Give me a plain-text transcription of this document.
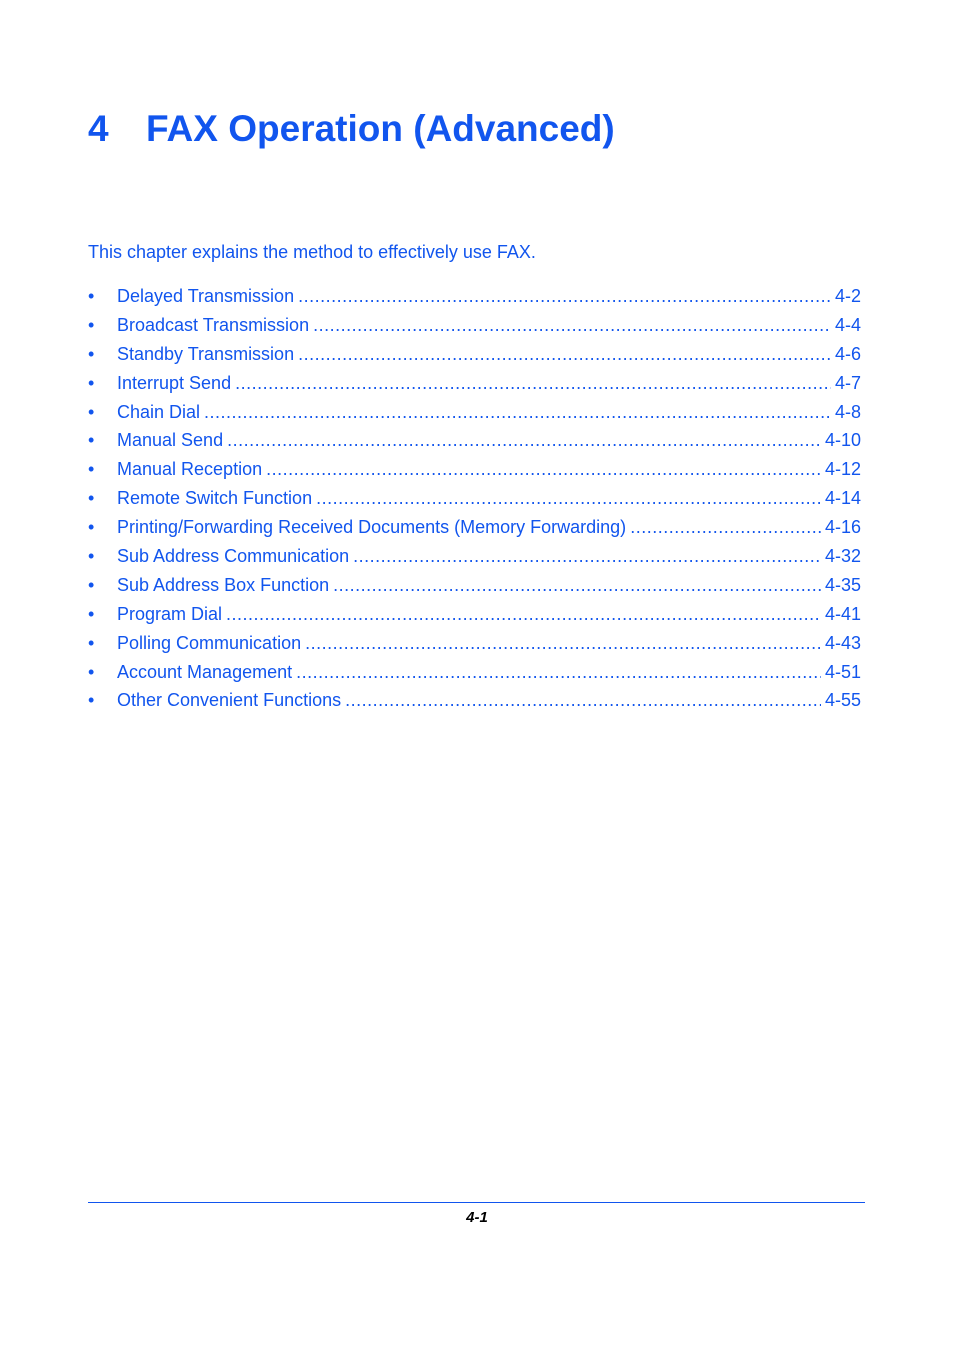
4 FAX Operation (Advanced)

This chapter explains the method to effectively use FAX.

•	Delayed Transmission .....	4-2
•	Broadcast Transmission .....	4-4
•	Standby Transmission .....	4-6
•	Interrupt Send .....	4-7
•	Chain Dial .....	4-8
•	Manual Send .....	4-10
•	Manual Reception .....	4-12
•	Remote Switch Function .....	4-14
•	Printing/Forwarding Received Documents (Memory Forwarding) .....	4-16
•	Sub Address Communication .....	4-32
•	Sub Address Box Function .....	4-35
•	Program Dial .....	4-41
•	Polling Communication .....	4-43
•	Account Management .....	4-51
•	Other Convenient Functions .....	4-55
4-1
